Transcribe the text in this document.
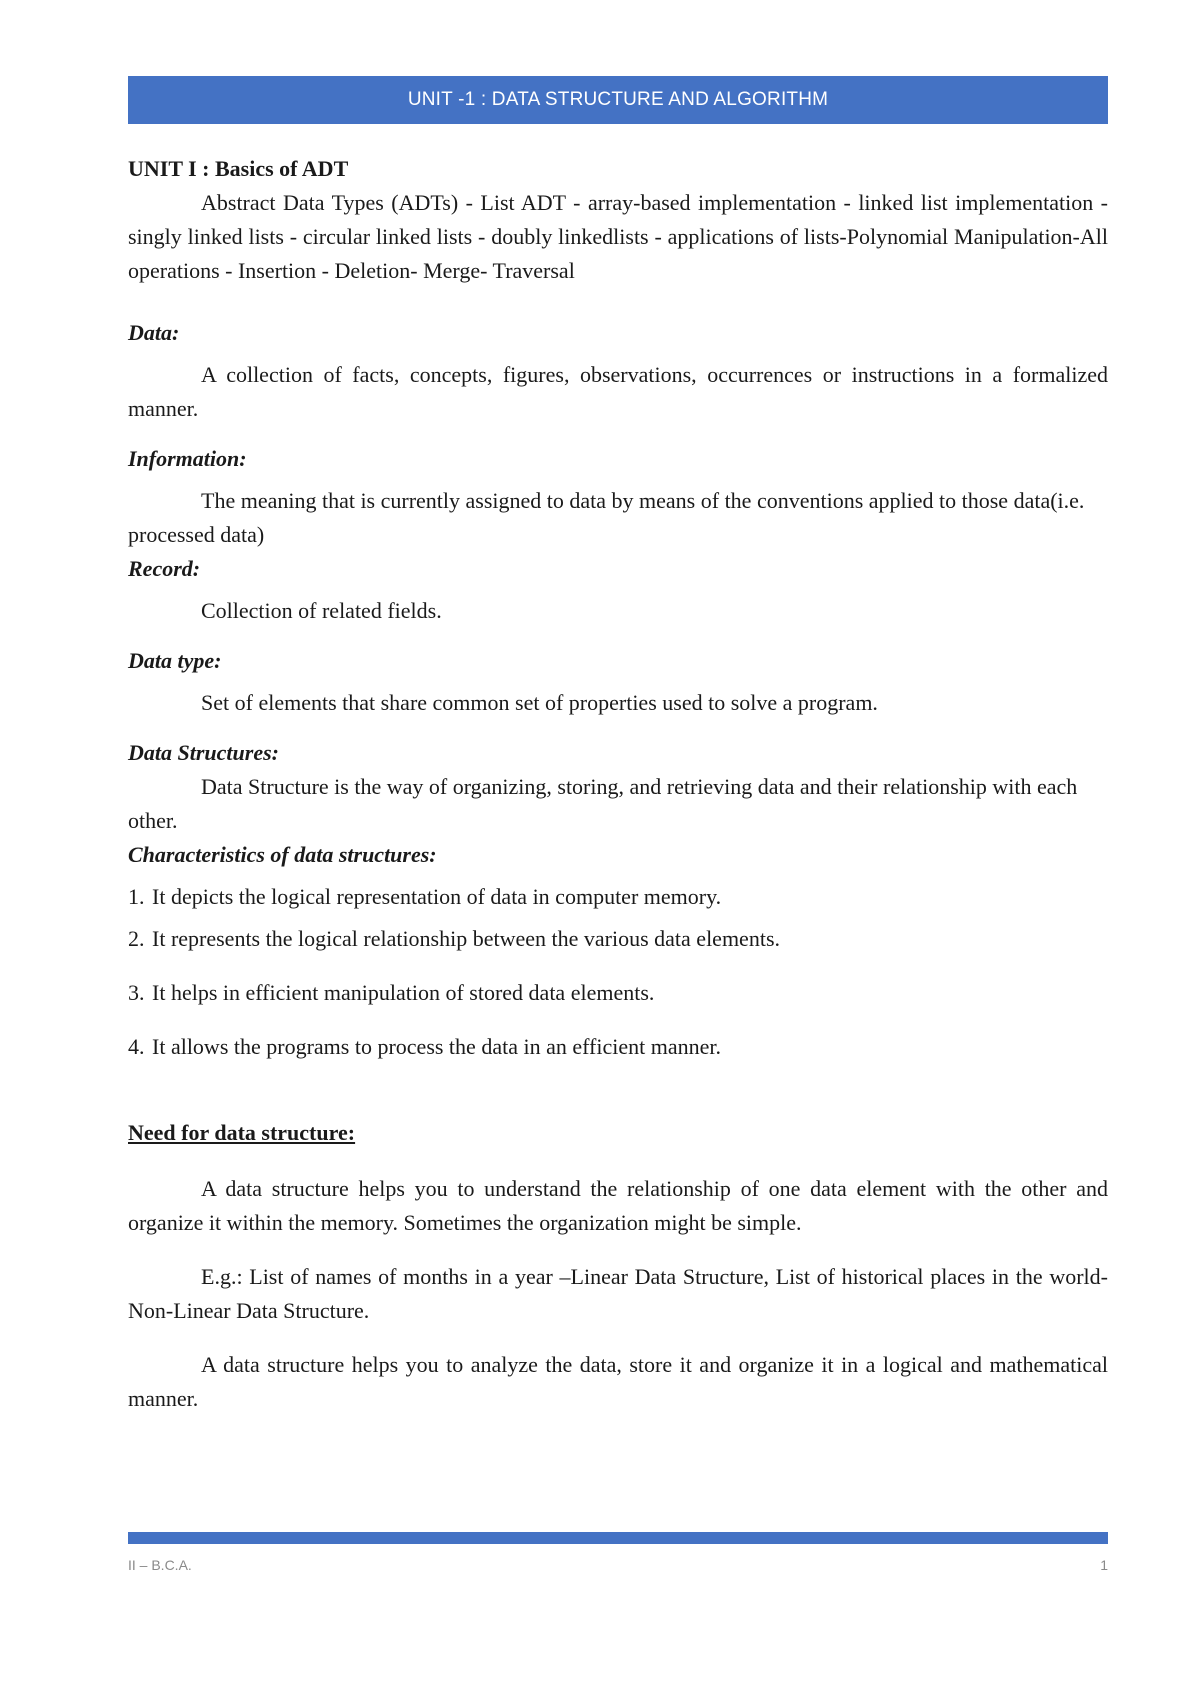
UNIT -1 : DATA STRUCTURE AND ALGORITHM

UNIT I : Basics of ADT

Abstract Data Types (ADTs) - List ADT - array-based implementation - linked list implementation - singly linked lists - circular linked lists - doubly linkedlists - applications of lists-Polynomial Manipulation-All operations - Insertion - Deletion- Merge- Traversal

Data:

A collection of facts, concepts, figures, observations, occurrences or instructions in a formalized manner.

Information:

The meaning that is currently assigned to data by means of the conventions applied to those data(i.e. processed data)

Record:

Collection of related fields.

Data type:

Set of elements that share common set of properties used to solve a program.

Data Structures:

Data Structure is the way of organizing, storing, and retrieving data and their relationship with each other.

Characteristics of data structures:

1. It depicts the logical representation of data in computer memory.
2. It represents the logical relationship between the various data elements.
3. It helps in efficient manipulation of stored data elements.
4. It allows the programs to process the data in an efficient manner.

Need for data structure:

A data structure helps you to understand the relationship of one data element with the other and organize it within the memory. Sometimes the organization might be simple.

E.g.: List of names of months in a year –Linear Data Structure, List of historical places in the world- Non-Linear Data Structure.

A data structure helps you to analyze the data, store it and organize it in a logical and mathematical manner.

II – B.C.A.	1
